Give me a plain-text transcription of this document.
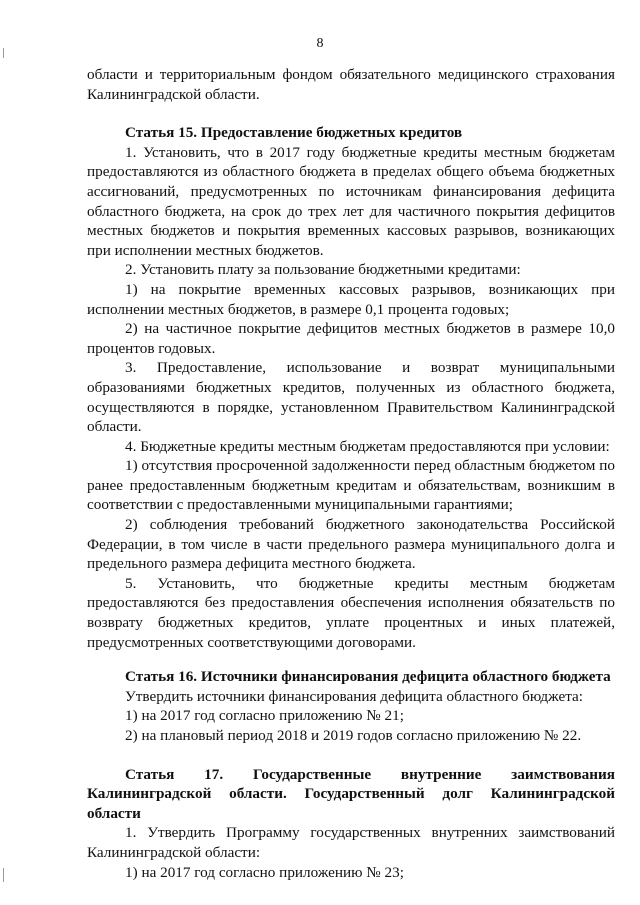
8

области и территориальным фондом обязательного медицинского страхования Калининградской области.

Статья 15. Предоставление бюджетных кредитов

1. Установить, что в 2017 году бюджетные кредиты местным бюджетам предоставляются из областного бюджета в пределах общего объема бюджетных ассигнований, предусмотренных по источникам финансирования дефицита областного бюджета, на срок до трех лет для частичного покрытия дефицитов местных бюджетов и покрытия временных кассовых разрывов, возникающих при исполнении местных бюджетов.

2. Установить плату за пользование бюджетными кредитами:

1) на покрытие временных кассовых разрывов, возникающих при исполнении местных бюджетов, в размере 0,1 процента годовых;

2) на частичное покрытие дефицитов местных бюджетов в размере 10,0 процентов годовых.

3. Предоставление, использование и возврат муниципальными образованиями бюджетных кредитов, полученных из областного бюджета, осуществляются в порядке, установленном Правительством Калининградской области.

4. Бюджетные кредиты местным бюджетам предоставляются при условии:

1) отсутствия просроченной задолженности перед областным бюджетом по ранее предоставленным бюджетным кредитам и обязательствам, возникшим в соответствии с предоставленными муниципальными гарантиями;

2) соблюдения требований бюджетного законодательства Российской Федерации, в том числе в части предельного размера муниципального долга и предельного размера дефицита местного бюджета.

5. Установить, что бюджетные кредиты местным бюджетам предоставляются без предоставления обеспечения исполнения обязательств по возврату бюджетных кредитов, уплате процентных и иных платежей, предусмотренных соответствующими договорами.

Статья 16. Источники финансирования дефицита областного бюджета

Утвердить источники финансирования дефицита областного бюджета:

1) на 2017 год согласно приложению № 21;

2) на плановый период 2018 и 2019 годов согласно приложению № 22.

Статья 17. Государственные внутренние заимствования Калининградской области. Государственный долг Калининградской области

1. Утвердить Программу государственных внутренних заимствований Калининградской области:

1) на 2017 год согласно приложению № 23;
